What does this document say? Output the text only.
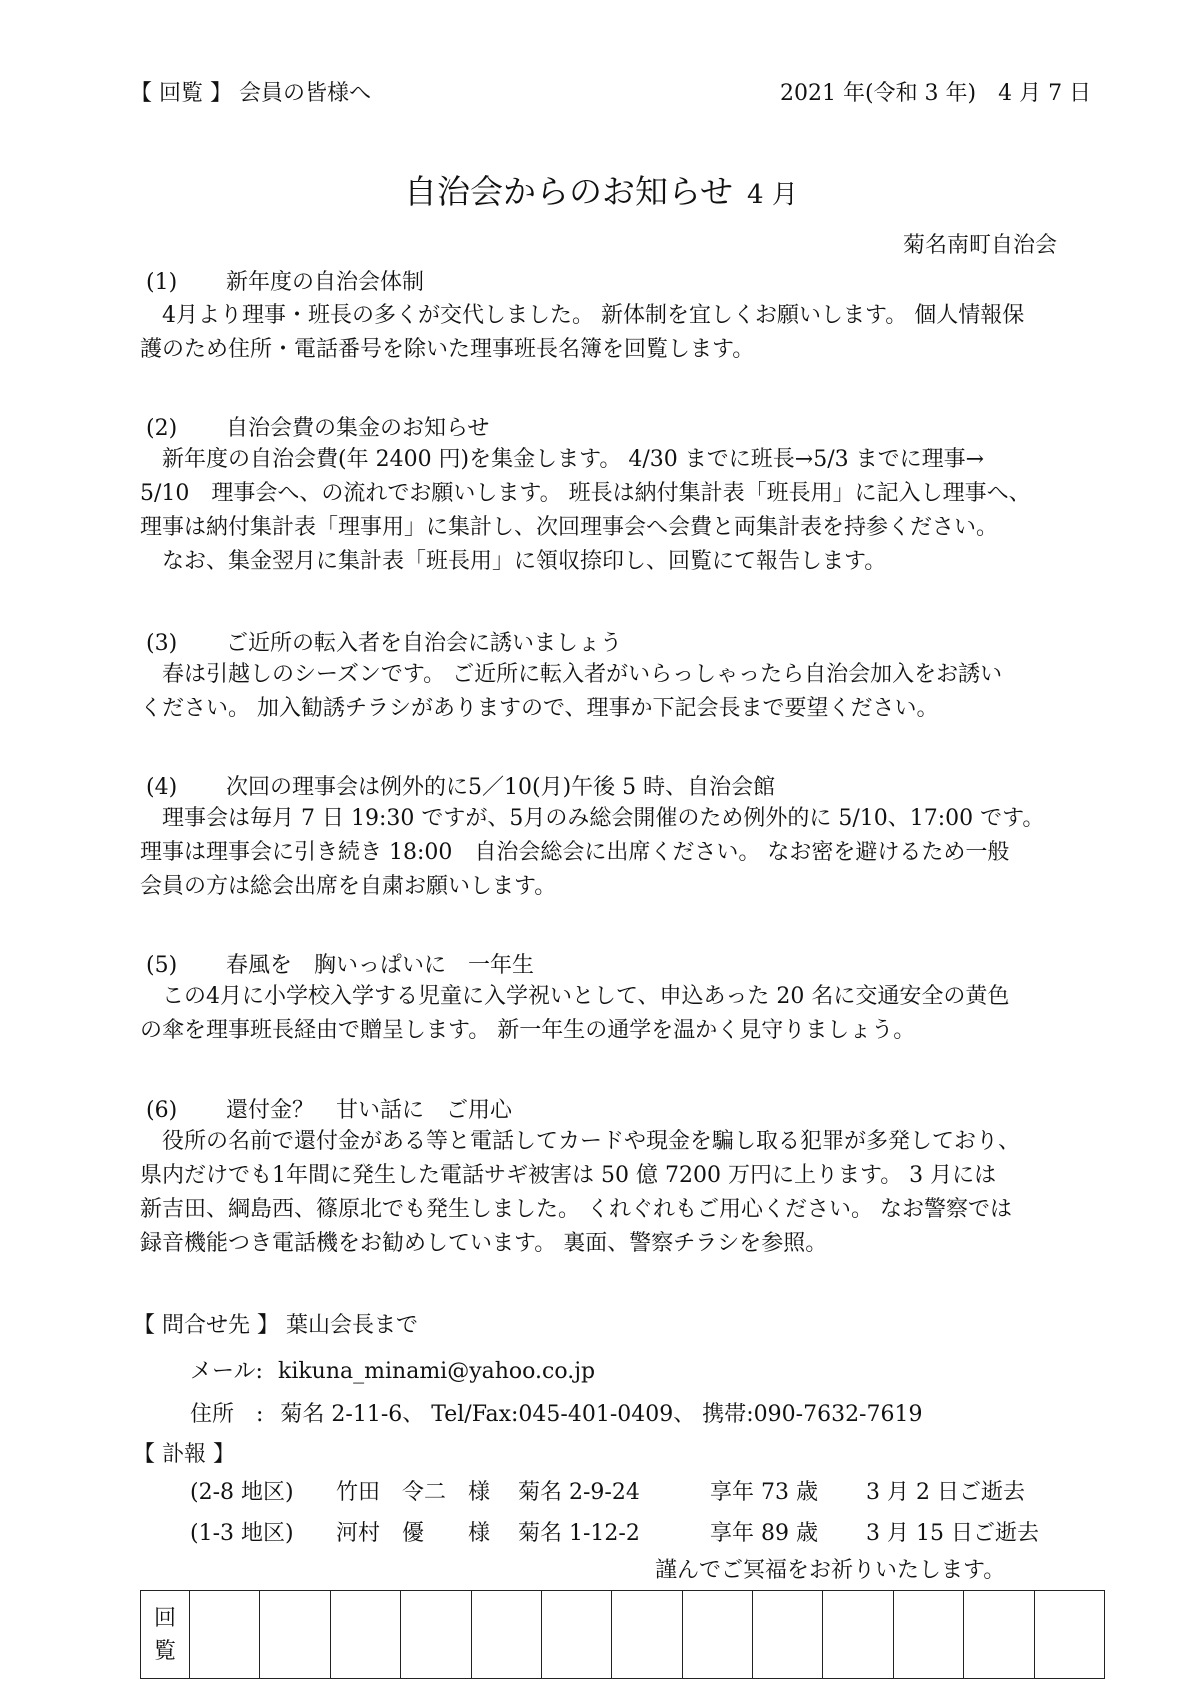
【 回覧 】 会員の皆様へ	2021 年(令和 3 年)　4 月 7 日
自治会からのお知らせ 4 月
菊名南町自治会
(1) 新年度の自治会体制

　4月より理事・班長の多くが交代しました。 新体制を宜しくお願いします。 個人情報保

護のため住所・電話番号を除いた理事班長名簿を回覧します。

(2) 自治会費の集金のお知らせ

　新年度の自治会費(年 2400 円)を集金します。 4/30 までに班長→5/3 までに理事→

5/10　理事会へ、の流れでお願いします。 班長は納付集計表「班長用」に記入し理事へ、

理事は納付集計表「理事用」に集計し、次回理事会へ会費と両集計表を持参ください。

　なお、集金翌月に集計表「班長用」に領収捺印し、回覧にて報告します。

(3) ご近所の転入者を自治会に誘いましょう

　春は引越しのシーズンです。 ご近所に転入者がいらっしゃったら自治会加入をお誘い

ください。 加入勧誘チラシがありますので、理事か下記会長まで要望ください。

(4) 次回の理事会は例外的に5／10(月)午後 5 時、自治会館

　理事会は毎月 7 日 19:30 ですが、5月のみ総会開催のため例外的に 5/10、17:00 です。

理事は理事会に引き続き 18:00　自治会総会に出席ください。 なお密を避けるため一般

会員の方は総会出席を自粛お願いします。

(5) 春風を　胸いっぱいに　一年生

　この4月に小学校入学する児童に入学祝いとして、申込あった 20 名に交通安全の黄色

の傘を理事班長経由で贈呈します。 新一年生の通学を温かく見守りましょう。

(6) 還付金？　甘い話に　ご用心

　役所の名前で還付金がある等と電話してカードや現金を騙し取る犯罪が多発しており、

県内だけでも1年間に発生した電話サギ被害は 50 億 7200 万円に上ります。 3 月には

新吉田、綱島西、篠原北でも発生しました。 くれぐれもご用心ください。 なお警察では

録音機能つき電話機をお勧めしています。 裏面、警察チラシを参照。

【 問合せ先 】 葉山会長まで
メール: kikuna_minami@yahoo.co.jp
住所　: 菊名 2-11-6、 Tel/Fax:045-401-0409、 携帯:090-7632-7619
【 訃報 】
(2-8 地区) 竹田　令二　様 菊名 2-9-24	享年 73 歳 3 月 2 日ご逝去
(1-3 地区) 河村　優　　様 菊名 1-12-2	享年 89 歳 3 月 15 日ご逝去
謹んでご冥福をお祈りいたします。
回
覧
